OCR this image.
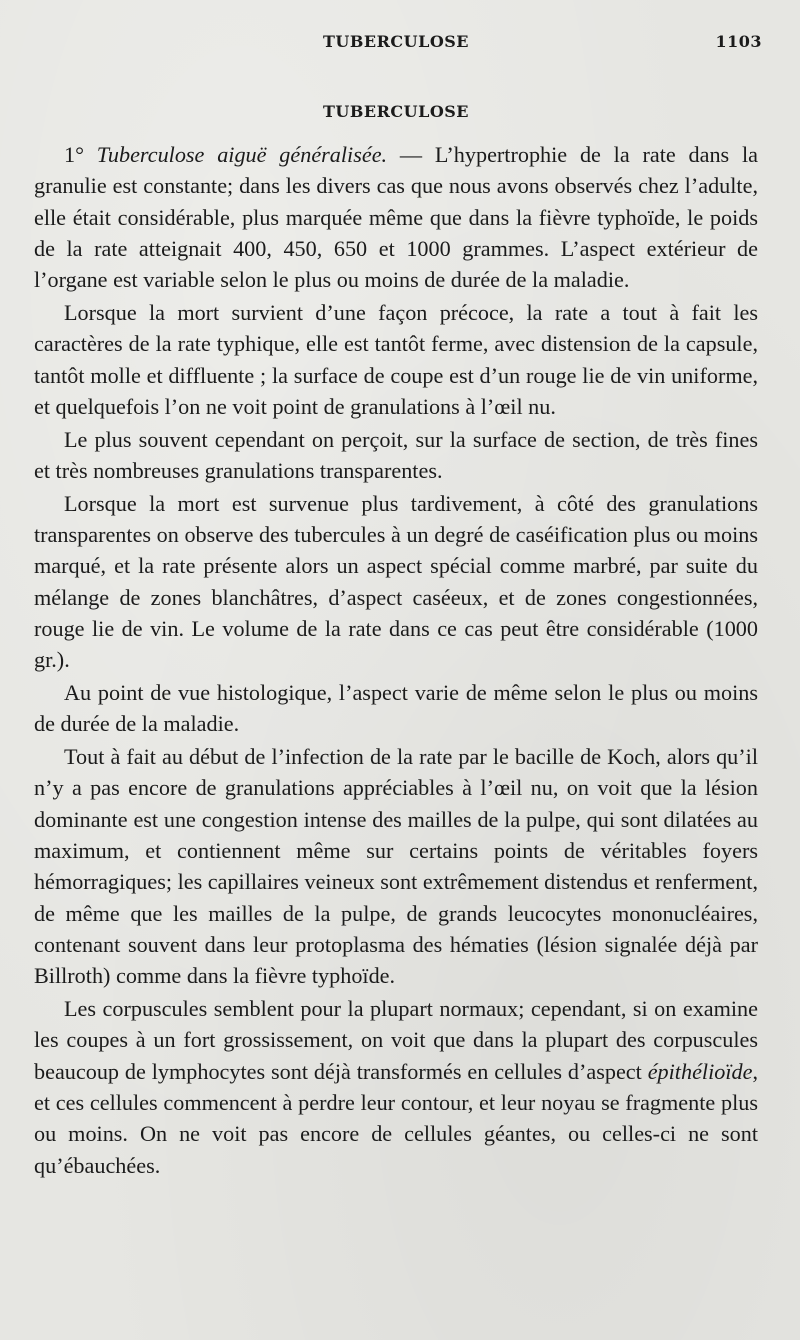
TUBERCULOSE	1103
TUBERCULOSE

1° Tuberculose aiguë généralisée. — L’hypertrophie de la rate dans la granulie est constante; dans les divers cas que nous avons observés chez l’adulte, elle était considérable, plus marquée même que dans la fièvre typhoïde, le poids de la rate atteignait 400, 450, 650 et 1000 grammes. L’aspect extérieur de l’organe est variable selon le plus ou moins de durée de la maladie.

Lorsque la mort survient d’une façon précoce, la rate a tout à fait les caractères de la rate typhique, elle est tantôt ferme, avec distension de la capsule, tantôt molle et diffluente ; la surface de coupe est d’un rouge lie de vin uniforme, et quelquefois l’on ne voit point de granulations à l’œil nu.

Le plus souvent cependant on perçoit, sur la surface de section, de très fines et très nombreuses granulations transparentes.

Lorsque la mort est survenue plus tardivement, à côté des granulations transparentes on observe des tubercules à un degré de caséification plus ou moins marqué, et la rate présente alors un aspect spécial comme marbré, par suite du mélange de zones blanchâtres, d’aspect caséeux, et de zones congestionnées, rouge lie de vin. Le volume de la rate dans ce cas peut être considérable (1000 gr.).

Au point de vue histologique, l’aspect varie de même selon le plus ou moins de durée de la maladie.

Tout à fait au début de l’infection de la rate par le bacille de Koch, alors qu’il n’y a pas encore de granulations appréciables à l’œil nu, on voit que la lésion dominante est une congestion intense des mailles de la pulpe, qui sont dilatées au maximum, et contiennent même sur certains points de véritables foyers hémorragiques; les capillaires veineux sont extrêmement distendus et renferment, de même que les mailles de la pulpe, de grands leucocytes mononucléaires, contenant souvent dans leur protoplasma des hématies (lésion signalée déjà par Billroth) comme dans la fièvre typhoïde.

Les corpuscules semblent pour la plupart normaux; cependant, si on examine les coupes à un fort grossissement, on voit que dans la plupart des corpuscules beaucoup de lymphocytes sont déjà transformés en cellules d’aspect épithélioïde, et ces cellules commencent à perdre leur contour, et leur noyau se fragmente plus ou moins. On ne voit pas encore de cellules géantes, ou celles-ci ne sont qu’ébauchées.
